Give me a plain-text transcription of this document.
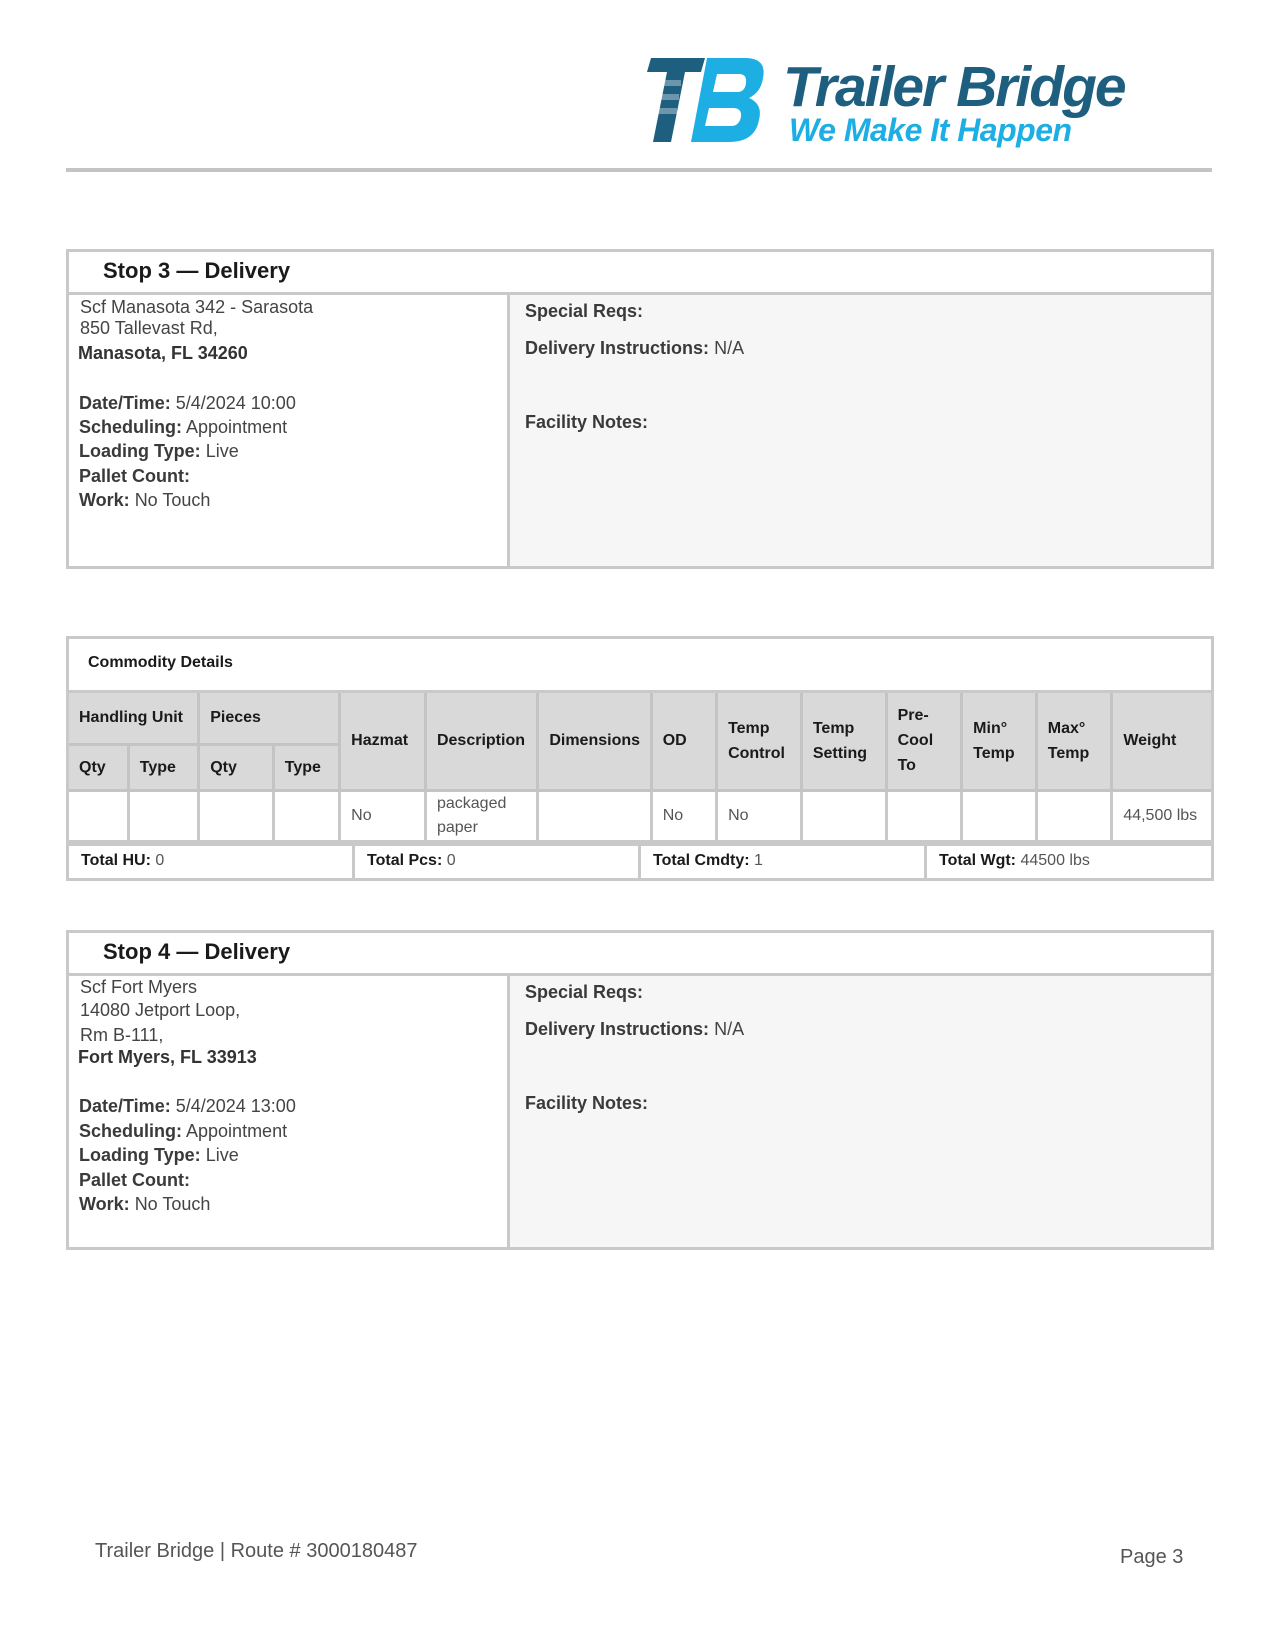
Trailer Bridge
We Make It Happen
Stop 3 — Delivery
Scf Manasota 342 - Sarasota
850 Tallevast Rd,
Manasota, FL 34260
Date/Time: 5/4/2024 10:00
Scheduling: Appointment
Loading Type: Live
Pallet Count:
Work: No Touch
Special Reqs:
Delivery Instructions: N/A
Facility Notes:
Commodity Details
Handling Unit		Pieces		Hazmat	Description	Dimensions	OD	Temp Control	Temp Setting	Pre-Cool To	Min° Temp	Max° Temp	Weight
Qty	Type	Qty	Type										
				No	packaged paper		No	No					44,500 lbs
Total HU: 0	Total Pcs: 0	Total Cmdty: 1	Total Wgt: 44500 lbs
Stop 4 — Delivery
Scf Fort Myers
14080 Jetport Loop,
Rm B-111,
Fort Myers, FL 33913
Date/Time: 5/4/2024 13:00
Scheduling: Appointment
Loading Type: Live
Pallet Count:
Work: No Touch
Special Reqs:
Delivery Instructions: N/A
Facility Notes:
Trailer Bridge | Route # 3000180487	Page 3
